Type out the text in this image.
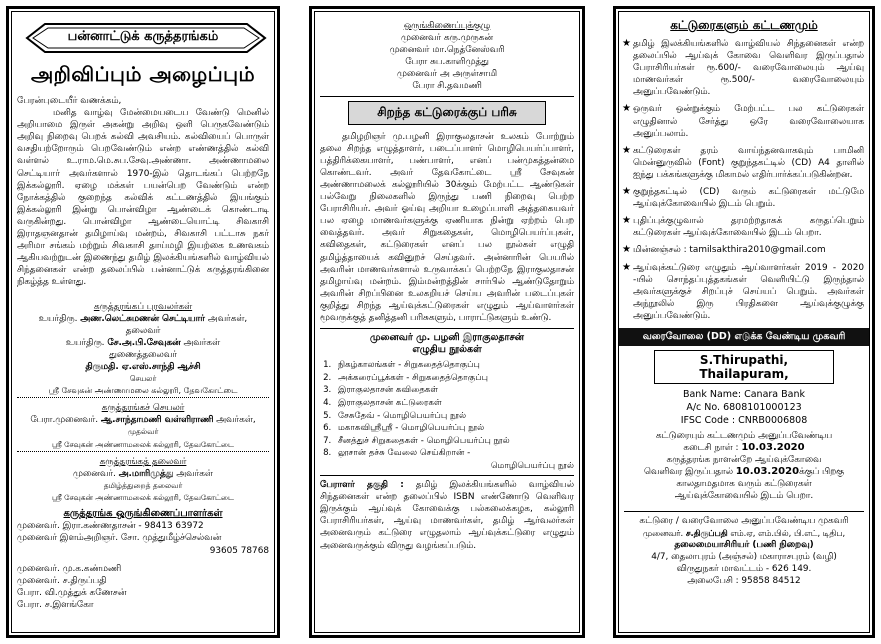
பன்னாட்டுக் கருத்தரங்கம்
அறிவிப்பும் அழைப்பும்

பேரன்புடையீர் வணக்கம்,

மனித வாழ்வு மேன்மையடைய வேண்டு மெனில் அறியாமை இருள் அகன்று அறிவு ஒளி பெருகவேண்டும் அறிவு நிறைவு பெறக் கல்வி அவசியம். கல்வியைப் பொருள் வசதியற்றோரும் பெறவேண்டும் என்ற எண்ணத்தில் கல்வி வள்ளல் உ.ராம.மெ.சுப.சேவு.அண்ணா. அண்ணாமலை செட்டியார் அவர்களால் 1970-இல் தொடங்கப் பெற்றநே இக்கல்லூரி. ஏழை மக்கள் பயன்பெற வேண்டும் என்ற நோக்கத்தில் குறைந்த கல்விக் கட்டணத்தில் இயங்கும் இக்கல்லூரி இன்று பொன்விழா ஆண்டைக் கொண்டாடி வருகின்றது. பொன்விழா ஆண்டையொட்டி சிவகாசி இராதஞனதான் தமிழாய்வு மன்றம், சிவகாசி பட்டாசு நகர் அரிமா சங்கம் மற்றும் சிவகாசி தாய்மழி இயற்கை உணவகம் ஆகியவற்றுடன் இணைந்து தமிழ் இலக்கியங்களில் வாழ்வியல் சிந்தனைகள் என்ற தலைப்பில் பன்னாட்டுக் கருத்தரங்கினை நிகழ்த்த உள்ளது.

கருத்தரங்கப் புரவலர்கள்
உயர்திரு. அண.லெட்சுமணன் செட்டியார் அவர்கள்,
தலைவர்
உயர்திரு. சே.அ.பி.சேவுகன் அவர்கள்
துணைத்தலைவர்
திருமதி. ஏ.எஸ்.சாந்தி ஆச்சி
செயலர்
ஸ்ரீ சேவுகன் அண்ணாமலை கல்லூரி, தேவகோட்டை
கருத்தரங்கச் செயலர்
பேரா.முனைவர். ஆ.சாந்தாமணி வள்ளிராணி அவர்கள்,
முதல்வர்
ஸ்ரீ சேவுகன் அண்ணாமலைக் கல்லூரி, தேவகோட்டை
கருத்தரங்கத் தலைவர்
முனைவர். அ.மாரிமுத்து அவர்கள்
தமிழ்த்துறைத் தலைவர்
ஸ்ரீ சேவுகன் அண்ணாமலைக் கல்லூரி, தேவகோட்டை
கருத்தரங்க ஒருங்கிணைப்பாளர்கள்
முனைவர். இரா.கண்ணதாசன் - 98413 63972
முனைவர் இளம்அறிஞர். சோ. முத்துமீழ்ச்செல்வன்
93605 78768
முனைவர். மு.க.கண்மணி
முனைவர். ச.திருப்பதி
பேரா. வி.முத்துக் கணேசன்
பேரா. ச.இளங்கோ
ஒருங்கிணைப்புக்குழு
முனைவர் கரு.முருகன்
முனைவர் மா.நெத்னேஸ்வரி
பேரா சுப.காளிமுத்து
முனைவர் அ அருள்சாமி
பேரா சி.தவமணி
சிறந்த கட்டுரைக்குப் பரிசு

தமிழறிஞர் மு.பழனி இராகுலதாசன் உலகம் போற்றும் தலை சிறந்த எழுத்தாளர், படைப்பாளர் மொழிபெயர்ப்பாளர், பத்திரிக்கையாளர், பண்பாளர், எனப் பன்முகத்தன்மை கொண்டவர். அவர் தேவகோட்டை ஸ்ரீ சேவுகன் அண்ணாமலைக் கல்லூரியில் 30க்கும் மேற்பட்ட ஆண்டுகள் பல்வேறு நிலைகளில் இருந்து பணி நிறைவு பெற்ற பேராசிரியர். அவர் ஓய்வு அறியா உழைப்பாளி அத்தகையவர் பல ஏழை மாணவர்களுக்கு ஏணியாக நின்று ஏற்றம் பெற வைத்தவர். அவர் சிறுகதைகள், மொழிபெயர்ப்புகள், கவிதைகள், கட்டுரைகள் எனப் பல நூல்கள் எழுதி தமிழ்த்தாயைக் கவினுறச் செய்தவர். அன்னாரின் பெயரில் அவரின் மாணவர்களால் உருவாக்கப் பெற்றநே இராகுலதாசன் தமிழாய்வு மன்றம். இம்மன்றத்தின் சார்பில் ஆண்டுதோறும் அவரின் சிறப்பினை உலகறியச் செய்ய அவரின் படைப்புகள் குறித்து சிறந்த ஆய்வுக்கட்டுரைகள் எழுதும் ஆய்வாளர்கள் மூவருக்குத் தனித்தனி பரிசுகளும், பாராட்டுகளும் உண்டு.

முனைவர் மு. பழனி இராகுலதாசன்
எழுதிய நூல்கள்
1. நிகழ்காலங்கள் - சிறுகதைத்தொகுப்பு
2. அக்கரைப்பூக்கள் - சிறுகதைத்தொகுப்பு
3. இராகுலதாசன் கவிதைகள்
4. இராகுலதாசன் கட்டுரைகள்
5. சேசுதேவ் - மொழிபெயர்ப்பு நூல்
6. மகாகவிஸ்ரீஸ்ரீ - மொழிபெயர்ப்பு நூல்
7. சீனத்துச் சிறுகதைகள் - மொழிபெயர்ப்பு நூல்
8. லூசான் தச்சு வேலை செய்கிறான் -
மொழிபெயர்ப்பு நூல்

பேராளர் தகுதி : தமிழ் இலக்கியங்களில் வாழ்வியல் சிந்தனைகள் என்ற தலைப்பில் ISBN எண்ணோடு வெளிவர இருக்கும் ஆய்வுக் கோவைக்கு பல்கலைக்கழக, கல்லூரி பேராசிரியர்கள், ஆய்வு மாணவர்கள், தமிழ் ஆர்வலர்கள் அனைவரும் கட்டுரை எழுதலாம் ஆய்வுக்கட்டுரை எழுதும் அனைவருக்கும் விருது வழங்கப்படும்.

கட்டுரைகளும் கட்டணமும்
★ தமிழ் இலக்கியங்களில் வாழ்வியல் சிந்தனைகள் என்ற தலைப்பில் ஆய்வுக் கோவை வெளிவர இருப்பதால் பேராசிரியர்கள் ரூ.600/- வரைவோலையும் ஆய்வு மாணவர்கள் ரூ.500/- வரைவோலையும் அனுப்பவேண்டும்.
★ ஒருவர் ஒன்றுக்கும் மேற்பட்ட பல கட்டுரைகள் எழுதினால் சேர்த்து ஒரே வரைவோலையாக அனுப்பலாம்.
★ கட்டுரைகள் தரம் வாய்ந்தனவாகவும் பாமினி மென்னுருவில் (Font) குறுந்தகட்டில் (CD) A4 தாளில் ஐந்து பக்கங்களுக்கு மிகாமல் எதிர்பார்க்கப்படுகின்றன.
★ குறுந்தகட்டில் (CD) வரும் கட்டுரைகள் மட்டுமே ஆய்வுக்கோவையில் இடம் பெறும்.
★ புதிப்புக்குழுவால் தரமற்றதாகக் கருதப்பெறும் கட்டுரைகள் ஆய்வுக்கோவையில் இடம் பெறா.
★ மின்னஞ்சல் : tamilsakthira2010@gmail.com
★ ஆய்வுக்கட்டுரை எழுதும் ஆய்வாளர்கள் 2019 - 2020 -யில் சொந்தப்புத்தகங்கள் வெளியிட்டு இருந்தால் அவர்களுக்குச் சிறப்புச் செய்யப் பெறும். அவர்கள் அந்நூலில் இரு பிரதிகளை ஆய்வுக்குழுக்கு அனுப்பவேண்டும்.
வரைவோலை (DD) எடுக்க வேண்டிய முகவரி
S.Thirupathi, Thailapuram,
Bank Name: Canara Bank
A/c No. 6808101000123
IFSC Code : CNRB0006808
கட்டுரையும் கட்டணமும் அனுப்பவேண்டிய
கடைசி நாள் : 10.03.2020
கருத்தரங்க நாளன்றே ஆய்வுக்கோவை
வெளிவர இருப்பதால் 10.03.2020க்குப் பிறகு
காலதாமதமாக வரும் கட்டுரைகள்
ஆய்வுக்கோவையில் இடம் பெறா.
கட்டுரை / வரைவோலை அனுப்பவேண்டிய முகவரி
முனைவர். ச.திருப்பதி எம்.ஏ, எம்.பில், பி.எட், டிதிப,
தலைமையாசிரியர் (பணி நிறைவு)
4/7, தைலாபுரம் (அஞ்சல்) மகாராசபுரம் (வழி)
விருதுநகர் மாவட்டம் - 626 149.
அலைபேசி : 95858 84512
